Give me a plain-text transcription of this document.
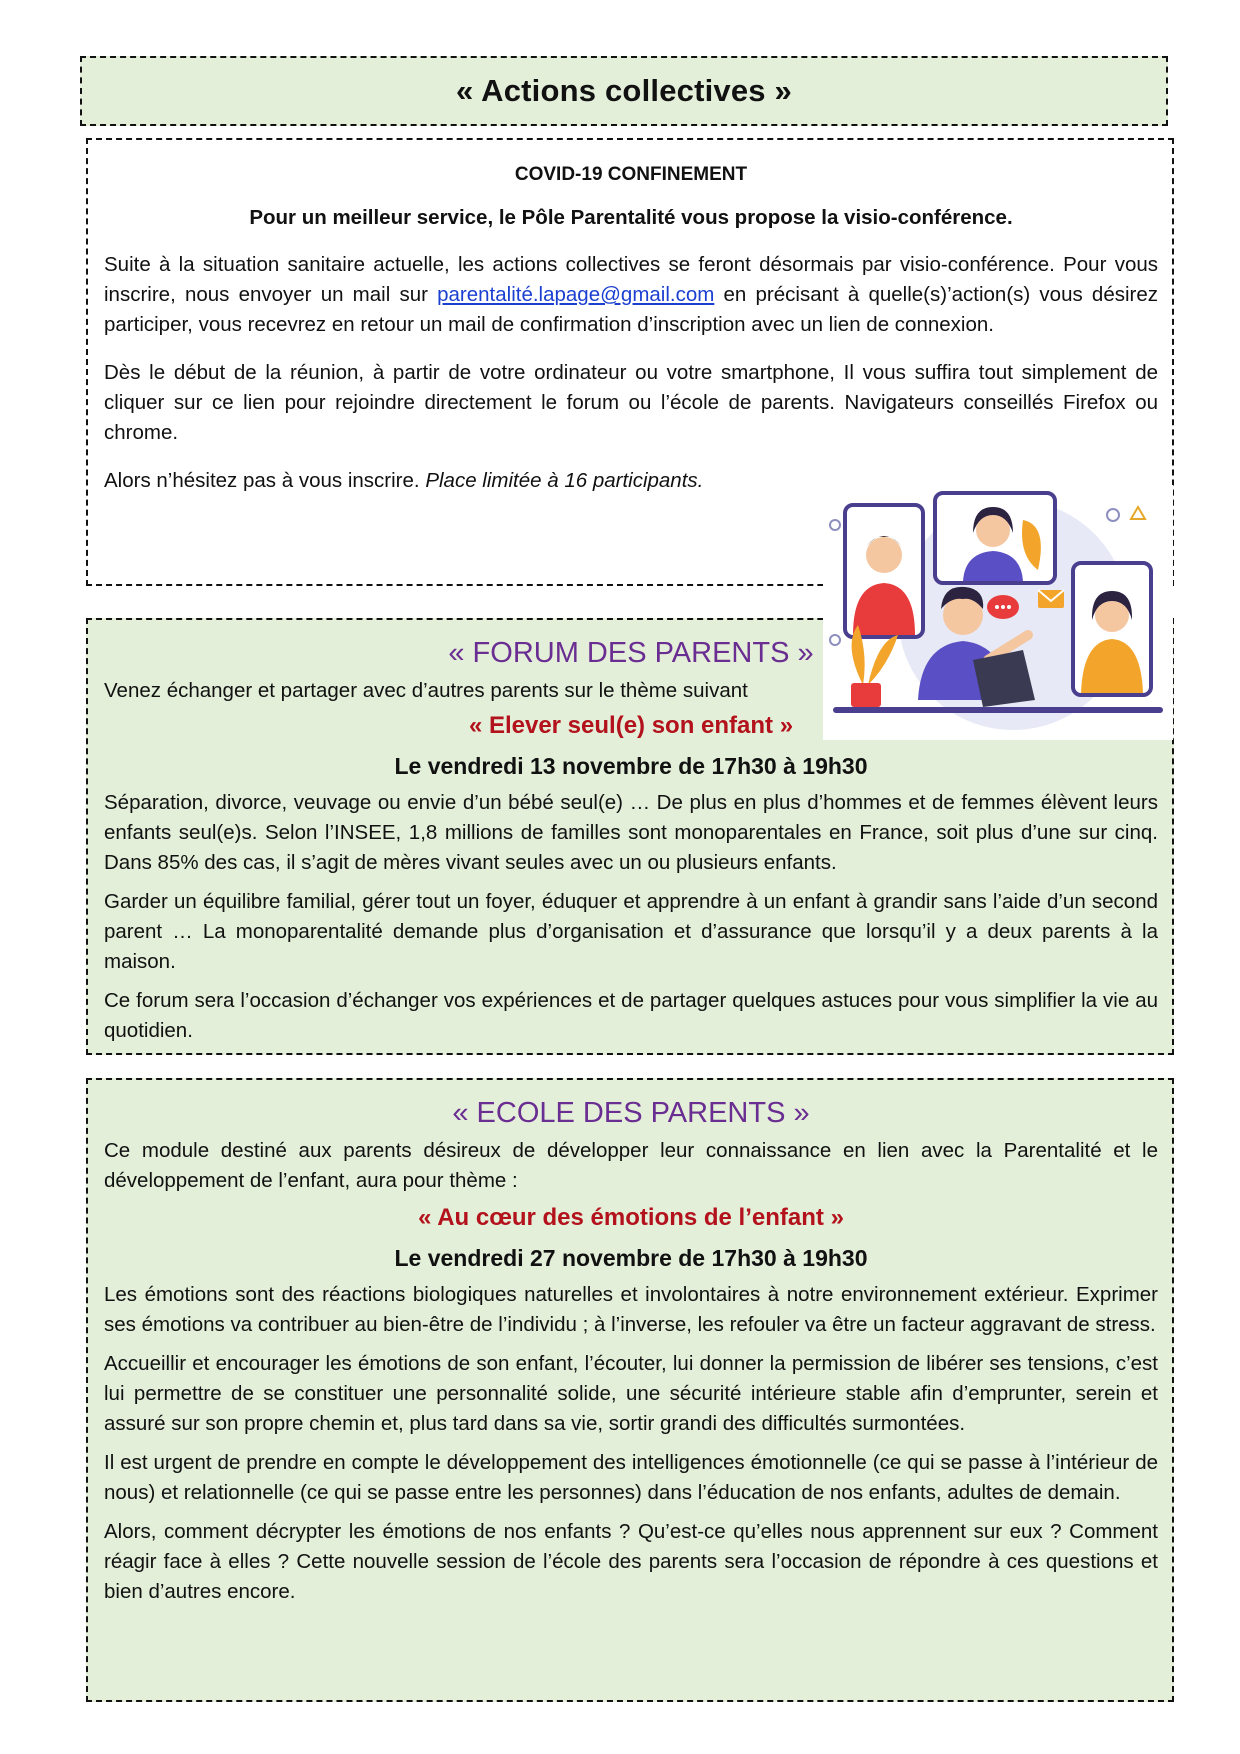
« Actions collectives »

COVID-19 CONFINEMENT

Pour un meilleur service, le Pôle Parentalité vous propose la visio-conférence.

Suite à la situation sanitaire actuelle, les actions collectives se feront désormais par visio-conférence. Pour vous inscrire, nous envoyer un mail sur parentalité.lapage@gmail.com en précisant à quelle(s)’action(s) vous désirez participer, vous recevrez en retour un mail de confirmation d’inscription avec un lien de connexion.

Dès le début de la réunion, à partir de votre ordinateur ou votre smartphone, Il vous suffira tout simplement de cliquer sur ce lien pour rejoindre directement le forum ou l’école de parents. Navigateurs conseillés Firefox ou chrome.

Alors n’hésitez pas à vous inscrire. Place limitée à 16 participants.

« FORUM DES PARENTS »

Venez échanger et partager avec d’autres parents sur le thème suivant

« Elever seul(e) son enfant »

Le vendredi 13 novembre de 17h30 à 19h30

Séparation, divorce, veuvage ou envie d’un bébé seul(e) … De plus en plus d’hommes et de femmes élèvent leurs enfants seul(e)s. Selon l’INSEE, 1,8 millions de familles sont monoparentales en France, soit plus d’une sur cinq. Dans 85% des cas, il s’agit de mères vivant seules avec un ou plusieurs enfants.

Garder un équilibre familial, gérer tout un foyer, éduquer et apprendre à un enfant à grandir sans l’aide d’un second parent … La monoparentalité demande plus d’organisation et d’assurance que lorsqu’il y a deux parents à la maison.

Ce forum sera l’occasion d’échanger vos expériences et de partager quelques astuces pour vous simplifier la vie au quotidien.

« ECOLE DES PARENTS »

Ce module destiné aux parents désireux de développer leur connaissance en lien avec la Parentalité et le développement de l’enfant, aura pour thème :

« Au cœur des émotions de l’enfant »

Le vendredi 27 novembre de 17h30 à 19h30

Les émotions sont des réactions biologiques naturelles et involontaires à notre environnement extérieur. Exprimer ses émotions va contribuer au bien-être de l’individu ; à l’inverse, les refouler va être un facteur aggravant de stress.

Accueillir et encourager les émotions de son enfant, l’écouter, lui donner la permission de libérer ses tensions, c’est lui permettre de se constituer une personnalité solide, une sécurité intérieure stable afin d’emprunter, serein et assuré sur son propre chemin et, plus tard dans sa vie, sortir grandi des difficultés surmontées.

Il est urgent de prendre en compte le développement des intelligences émotionnelle (ce qui se passe à l’intérieur de nous) et relationnelle (ce qui se passe entre les personnes) dans l’éducation de nos enfants, adultes de demain.

Alors, comment décrypter les émotions de nos enfants ? Qu’est-ce qu’elles nous apprennent sur eux ? Comment réagir face à elles ? Cette nouvelle session de l’école des parents sera l’occasion de répondre à ces questions et bien d’autres encore.
